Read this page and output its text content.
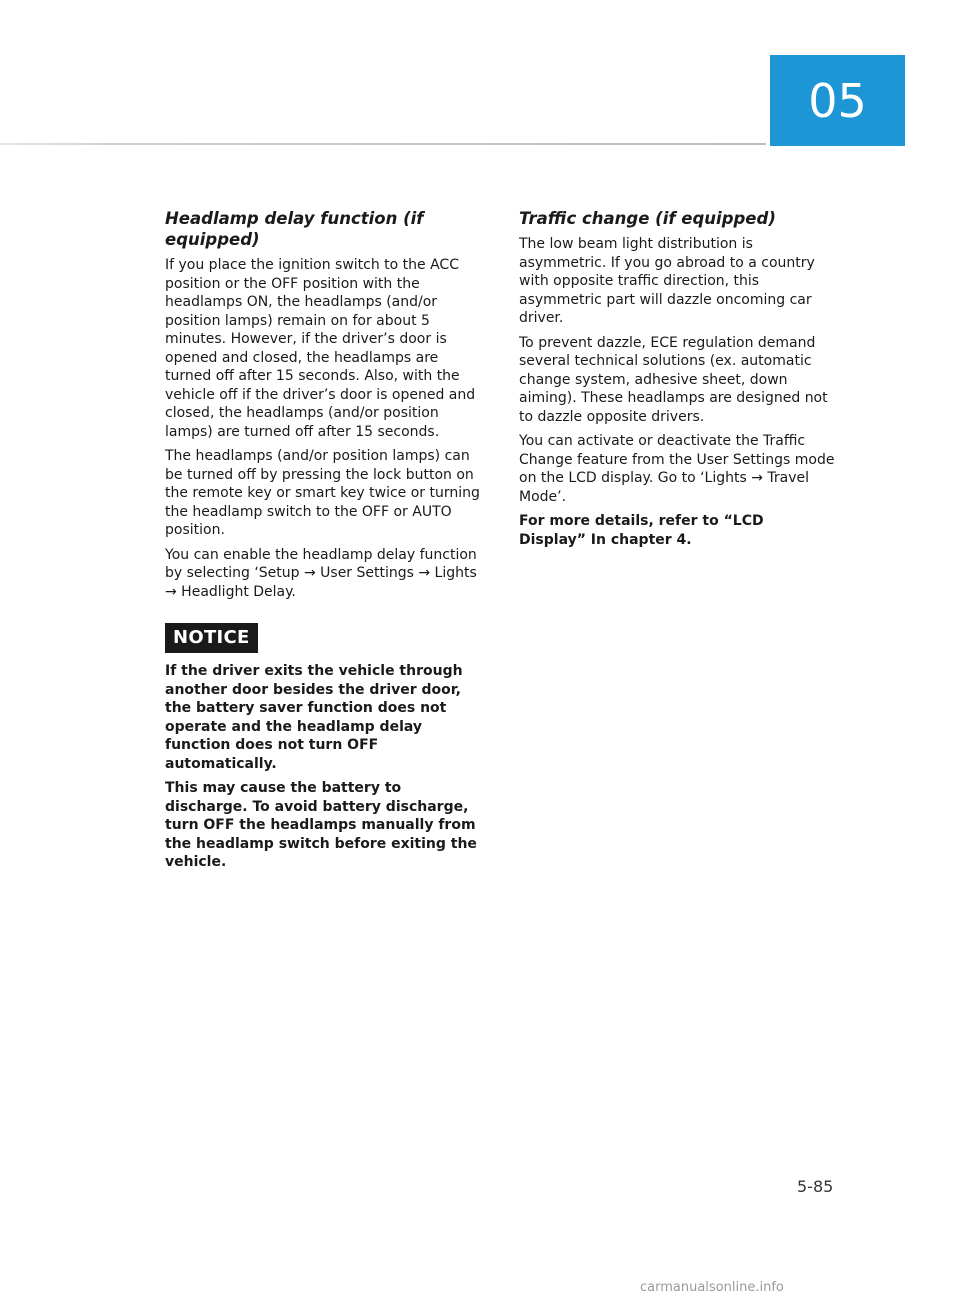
05
Headlamp delay function (if equipped)

If you place the ignition switch to the ACC position or the OFF position with the headlamps ON, the headlamps (and/or position lamps) remain on for about 5 minutes. However, if the driver’s door is opened and closed, the headlamps are turned off after 15 seconds. Also, with the vehicle off if the driver’s door is opened and closed, the headlamps (and/or position lamps) are turned off after 15 seconds.

The headlamps (and/or position lamps) can be turned off by pressing the lock button on the remote key or smart key twice or turning the headlamp switch to the OFF or AUTO position.

You can enable the headlamp delay function by selecting ‘Setup → User Settings → Lights → Headlight Delay.

NOTICE

If the driver exits the vehicle through another door besides the driver door, the battery saver function does not operate and the headlamp delay function does not turn OFF automatically.

This may cause the battery to discharge. To avoid battery discharge, turn OFF the headlamps manually from the headlamp switch before exiting the vehicle.

Traffic change (if equipped)

The low beam light distribution is asymmetric. If you go abroad to a country with opposite traffic direction, this asymmetric part will dazzle oncoming car driver.

To prevent dazzle, ECE regulation demand several technical solutions (ex. automatic change system, adhesive sheet, down aiming). These headlamps are designed not to dazzle opposite drivers.

You can activate or deactivate the Traffic Change feature from the User Settings mode on the LCD display. Go to ‘Lights → Travel Mode’.

For more details, refer to “LCD Display” In chapter 4.

5-85
carmanualsonline.info
